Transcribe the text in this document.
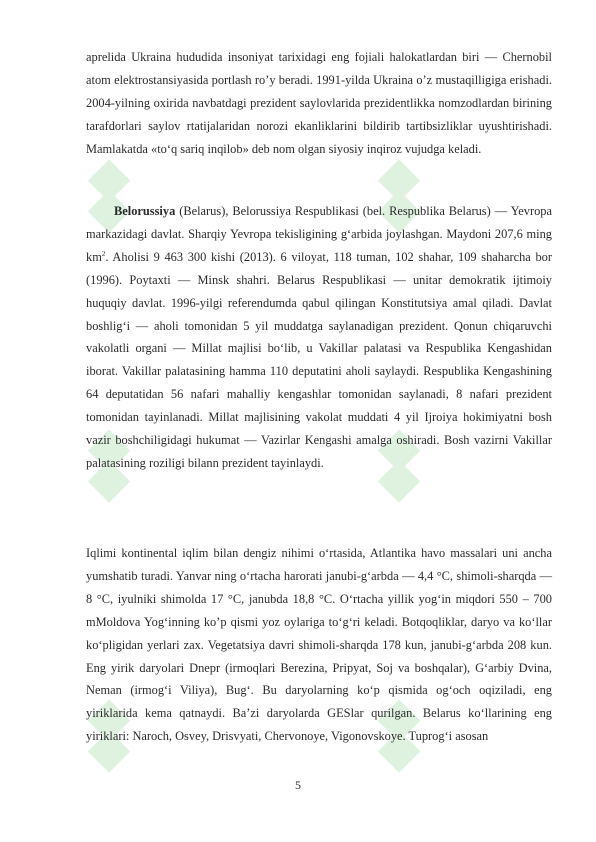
aprelida Ukraina hududida insoniyat tarixidagi eng fojiali halokatlardan biri — Chernobil atom elektrostansiyasida portlash ro’y beradi. 1991-yilda Ukraina o’z mustaqilligiga erishadi. 2004-yilning oxirida navbatdagi prezident saylovlarida prezidentlikka nomzodlardan birining tarafdorlari saylov rtatijalaridan norozi ekanliklarini bildirib tartibsizliklar uyushtirishadi. Mamlakatda «to‘q sariq inqilob» deb nom olgan siyosiy inqiroz vujudga keladi.

Belorussiya (Belarus), Belorussiya Respublikasi (bel. Respublika Belarus) — Yevropa markazidagi davlat. Sharqiy Yevropa tekisligining g‘arbida joylashgan. Maydoni 207,6 ming $km^2$. Aholisi 9 463 300 kishi (2013). 6 viloyat, 118 tuman, 102 shahar, 109 shaharcha bor (1996). Poytaxti — Minsk shahri. Belarus Respublikasi — unitar demokratik ijtimoiy huquqiy davlat. 1996-yilgi referendumda qabul qilingan Konstitutsiya amal qiladi. Davlat boshlig‘i — aholi tomonidan 5 yil muddatga saylanadigan prezident. Qonun chiqaruvchi vakolatli organi — Millat majlisi bo‘lib, u Vakillar palatasi va Respublika Kengashidan iborat. Vakillar palatasining hamma 110 deputatini aholi saylaydi. Respublika Kengashining 64 deputatidan 56 nafari mahalliy kengashlar tomonidan saylanadi, 8 nafari prezident tomonidan tayinlanadi. Millat majlisining vakolat muddati 4 yil Ijroiya hokimiyatni bosh vazir boshchiligidagi hukumat — Vazirlar Kengashi amalga oshiradi. Bosh vazirni Vakillar palatasining roziligi bilann prezident tayinlaydi.

Iqlimi kontinental iqlim bilan dengiz nihimi o‘rtasida, Atlantika havo massalari uni ancha yumshatib turadi. Yanvar ning o‘rtacha harorati janubi-g‘arbda — 4,4 °C, shimoli-sharqda — 8 °C, iyulniki shimolda 17 °C, janubda 18,8 °C. O‘rtacha yillik yog‘in miqdori 550 – 700 mMoldova Yog‘inning ko’p qismi yoz oylariga to‘g‘ri keladi. Botqoqliklar, daryo va ko‘llar ko‘pligidan yerlari zax. Vegetatsiya davri shimoli-sharqda 178 kun, janubi-g‘arbda 208 kun. Eng yirik daryolari Dnepr (irmoqlari Berezina, Pripyat, Soj va boshqalar), G‘arbiy Dvina, Neman (irmog‘i Viliya), Bug‘. Bu daryolarning ko‘p qismida og‘och oqiziladi, eng yiriklarida kema qatnaydi. Ba’zi daryolarda GESlar qurilgan. Belarus ko‘llarining eng yiriklari: Naroch, Osvey, Drisvyati, Chervonoye, Vigonovskoye. Tuprog‘i asosan

5
